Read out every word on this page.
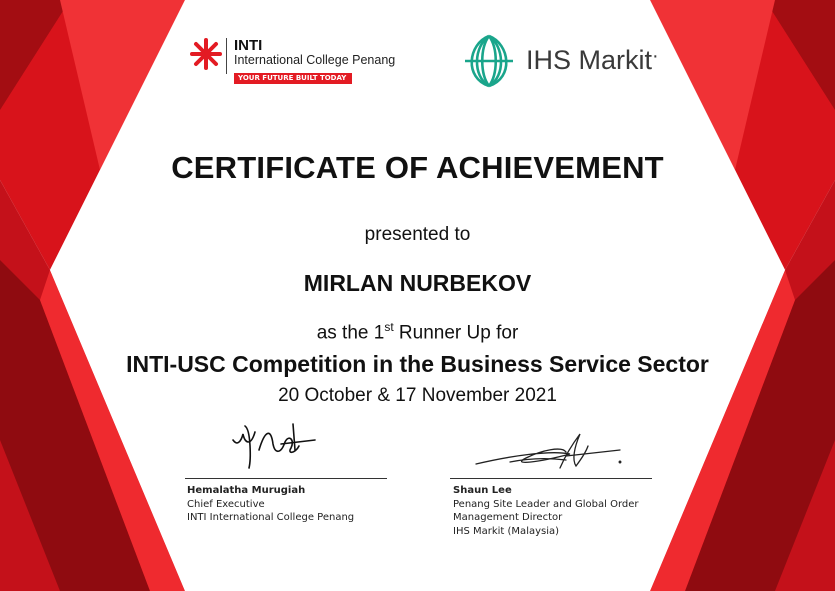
INTI
International College Penang
YOUR FUTURE BUILT TODAY
IHS Markit·
CERTIFICATE OF ACHIEVEMENT
presented to
MIRLAN NURBEKOV
as the 1st Runner Up for
INTI-USC Competition in the Business Service Sector
20 October & 17 November 2021
Hemalatha Murugiah
Chief Executive
INTI International College Penang
Shaun Lee
Penang Site Leader and Global Order
Management Director
IHS Markit (Malaysia)
